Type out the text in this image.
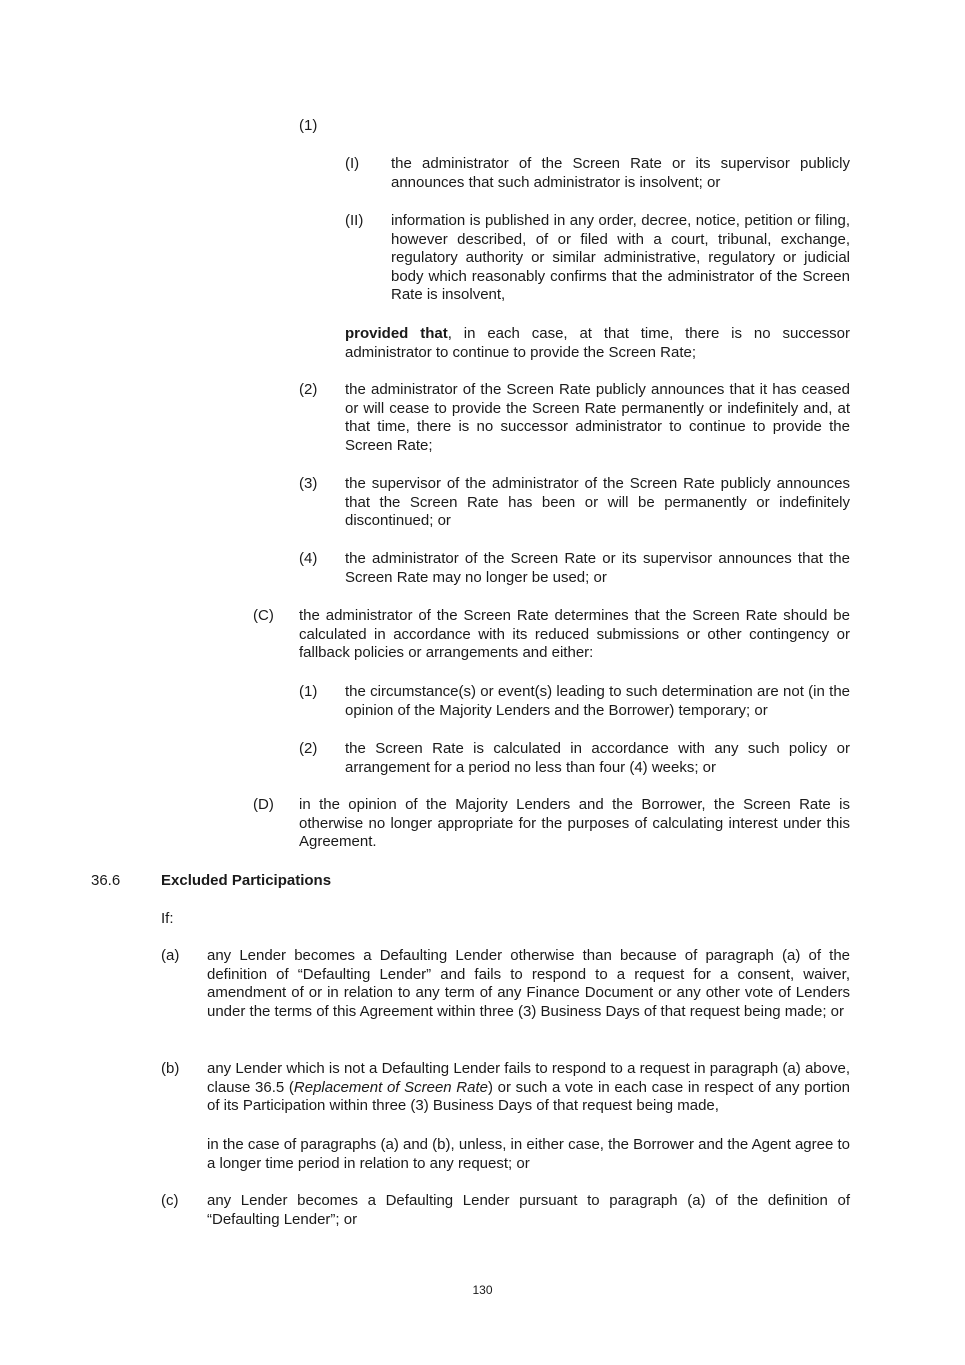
(1)
(I) the administrator of the Screen Rate or its supervisor publicly announces that such administrator is insolvent; or
(II) information is published in any order, decree, notice, petition or filing, however described, of or filed with a court, tribunal, exchange, regulatory authority or similar administrative, regulatory or judicial body which reasonably confirms that the administrator of the Screen Rate is insolvent,
provided that, in each case, at that time, there is no successor administrator to continue to provide the Screen Rate;
(2) the administrator of the Screen Rate publicly announces that it has ceased or will cease to provide the Screen Rate permanently or indefinitely and, at that time, there is no successor administrator to continue to provide the Screen Rate;
(3) the supervisor of the administrator of the Screen Rate publicly announces that the Screen Rate has been or will be permanently or indefinitely discontinued; or
(4) the administrator of the Screen Rate or its supervisor announces that the Screen Rate may no longer be used; or
(C) the administrator of the Screen Rate determines that the Screen Rate should be calculated in accordance with its reduced submissions or other contingency or fallback policies or arrangements and either:
(1) the circumstance(s) or event(s) leading to such determination are not (in the opinion of the Majority Lenders and the Borrower) temporary; or
(2) the Screen Rate is calculated in accordance with any such policy or arrangement for a period no less than four (4) weeks; or
(D) in the opinion of the Majority Lenders and the Borrower, the Screen Rate is otherwise no longer appropriate for the purposes of calculating interest under this Agreement.
36.6	Excluded Participations
If:
(a) any Lender becomes a Defaulting Lender otherwise than because of paragraph (a) of the definition of “Defaulting Lender” and fails to respond to a request for a consent, waiver, amendment of or in relation to any term of any Finance Document or any other vote of Lenders under the terms of this Agreement within three (3) Business Days of that request being made; or
(b) any Lender which is not a Defaulting Lender fails to respond to a request in paragraph (a) above, clause 36.5 (Replacement of Screen Rate) or such a vote in each case in respect of any portion of its Participation within three (3) Business Days of that request being made,
in the case of paragraphs (a) and (b), unless, in either case, the Borrower and the Agent agree to a longer time period in relation to any request; or
(c) any Lender becomes a Defaulting Lender pursuant to paragraph (a) of the definition of “Defaulting Lender”; or
130
